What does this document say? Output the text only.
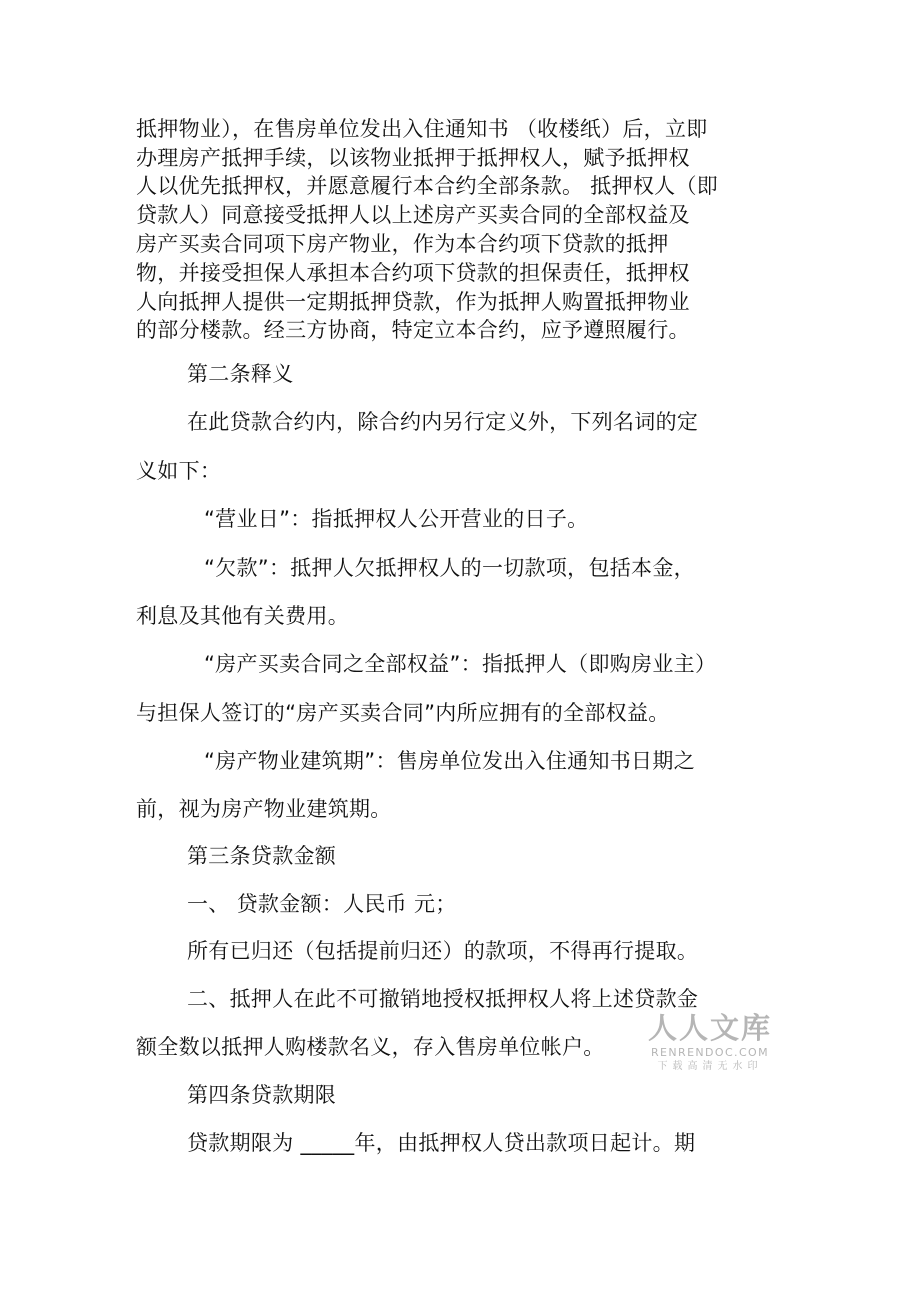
抵押物业），在售房单位发出入住通知书 （收楼纸）后，立即

办理房产抵押手续，以该物业抵押于抵押权人，赋予抵押权

人以优先抵押权，并愿意履行本合约全部条款。 抵押权人（即

贷款人）同意接受抵押人以上述房产买卖合同的全部权益及

房产买卖合同项下房产物业，作为本合约项下贷款的抵押

物，并接受担保人承担本合约项下贷款的担保责任，抵押权

人向抵押人提供一定期抵押贷款，作为抵押人购置抵押物业

的部分楼款。经三方协商，特定立本合约，应予遵照履行。

第二条释义

在此贷款合约内，除合约内另行定义外，下列名词的定

义如下：

“营业日”：指抵押权人公开营业的日子。

“欠款”：抵押人欠抵押权人的一切款项，包括本金，

利息及其他有关费用。

“房产买卖合同之全部权益”：指抵押人（即购房业主）

与担保人签订的“房产买卖合同”内所应拥有的全部权益。

“房产物业建筑期”：售房单位发出入住通知书日期之

前，视为房产物业建筑期。

第三条贷款金额

一、 贷款金额：人民币 元；

所有已归还（包括提前归还）的款项，不得再行提取。

二、抵押人在此不可撤销地授权抵押权人将上述贷款金

额全数以抵押人购楼款名义，存入售房单位帐户。

第四条贷款期限

贷款期限为 _____年，由抵押权人贷出款项日起计。期

人人文库
RENRENDOC.COM
下载高清无水印
